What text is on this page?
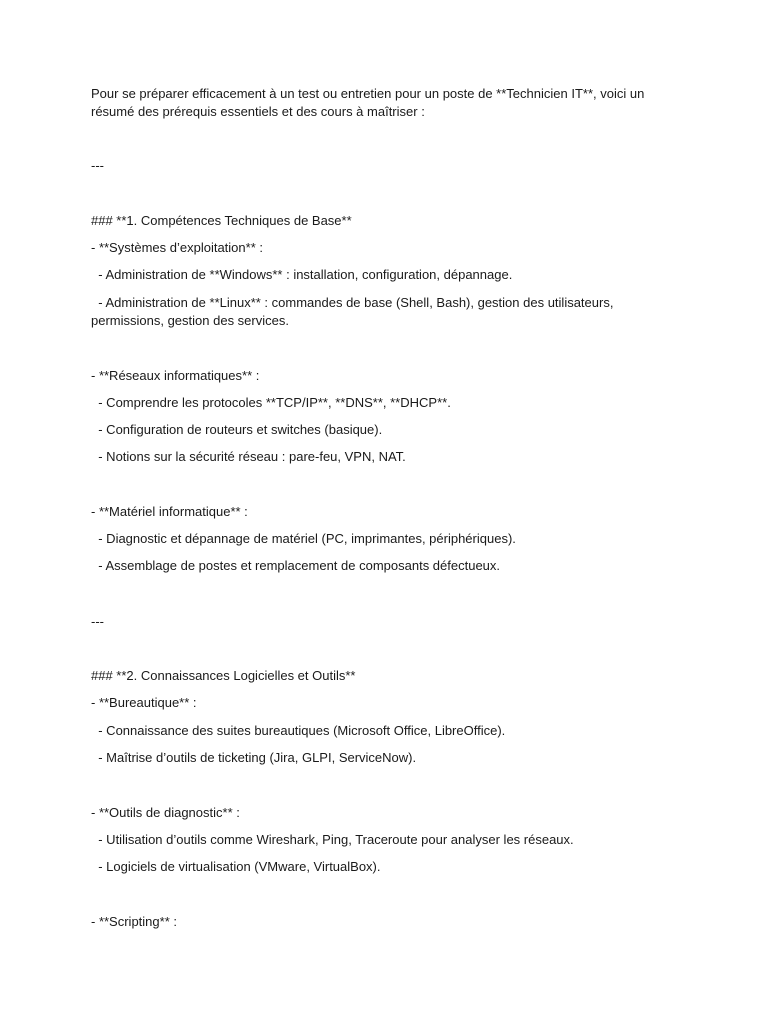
Pour se préparer efficacement à un test ou entretien pour un poste de **Technicien IT**, voici un résumé des prérequis essentiels et des cours à maîtriser :

---

### **1. Compétences Techniques de Base**

- **Systèmes d’exploitation** :

- Administration de **Windows** : installation, configuration, dépannage.

- Administration de **Linux** : commandes de base (Shell, Bash), gestion des utilisateurs, permissions, gestion des services.

- **Réseaux informatiques** :

- Comprendre les protocoles **TCP/IP**, **DNS**, **DHCP**.

- Configuration de routeurs et switches (basique).

- Notions sur la sécurité réseau : pare-feu, VPN, NAT.

- **Matériel informatique** :

- Diagnostic et dépannage de matériel (PC, imprimantes, périphériques).

- Assemblage de postes et remplacement de composants défectueux.

---

### **2. Connaissances Logicielles et Outils**

- **Bureautique** :

- Connaissance des suites bureautiques (Microsoft Office, LibreOffice).

- Maîtrise d’outils de ticketing (Jira, GLPI, ServiceNow).

- **Outils de diagnostic** :

- Utilisation d’outils comme Wireshark, Ping, Traceroute pour analyser les réseaux.

- Logiciels de virtualisation (VMware, VirtualBox).

- **Scripting** :
